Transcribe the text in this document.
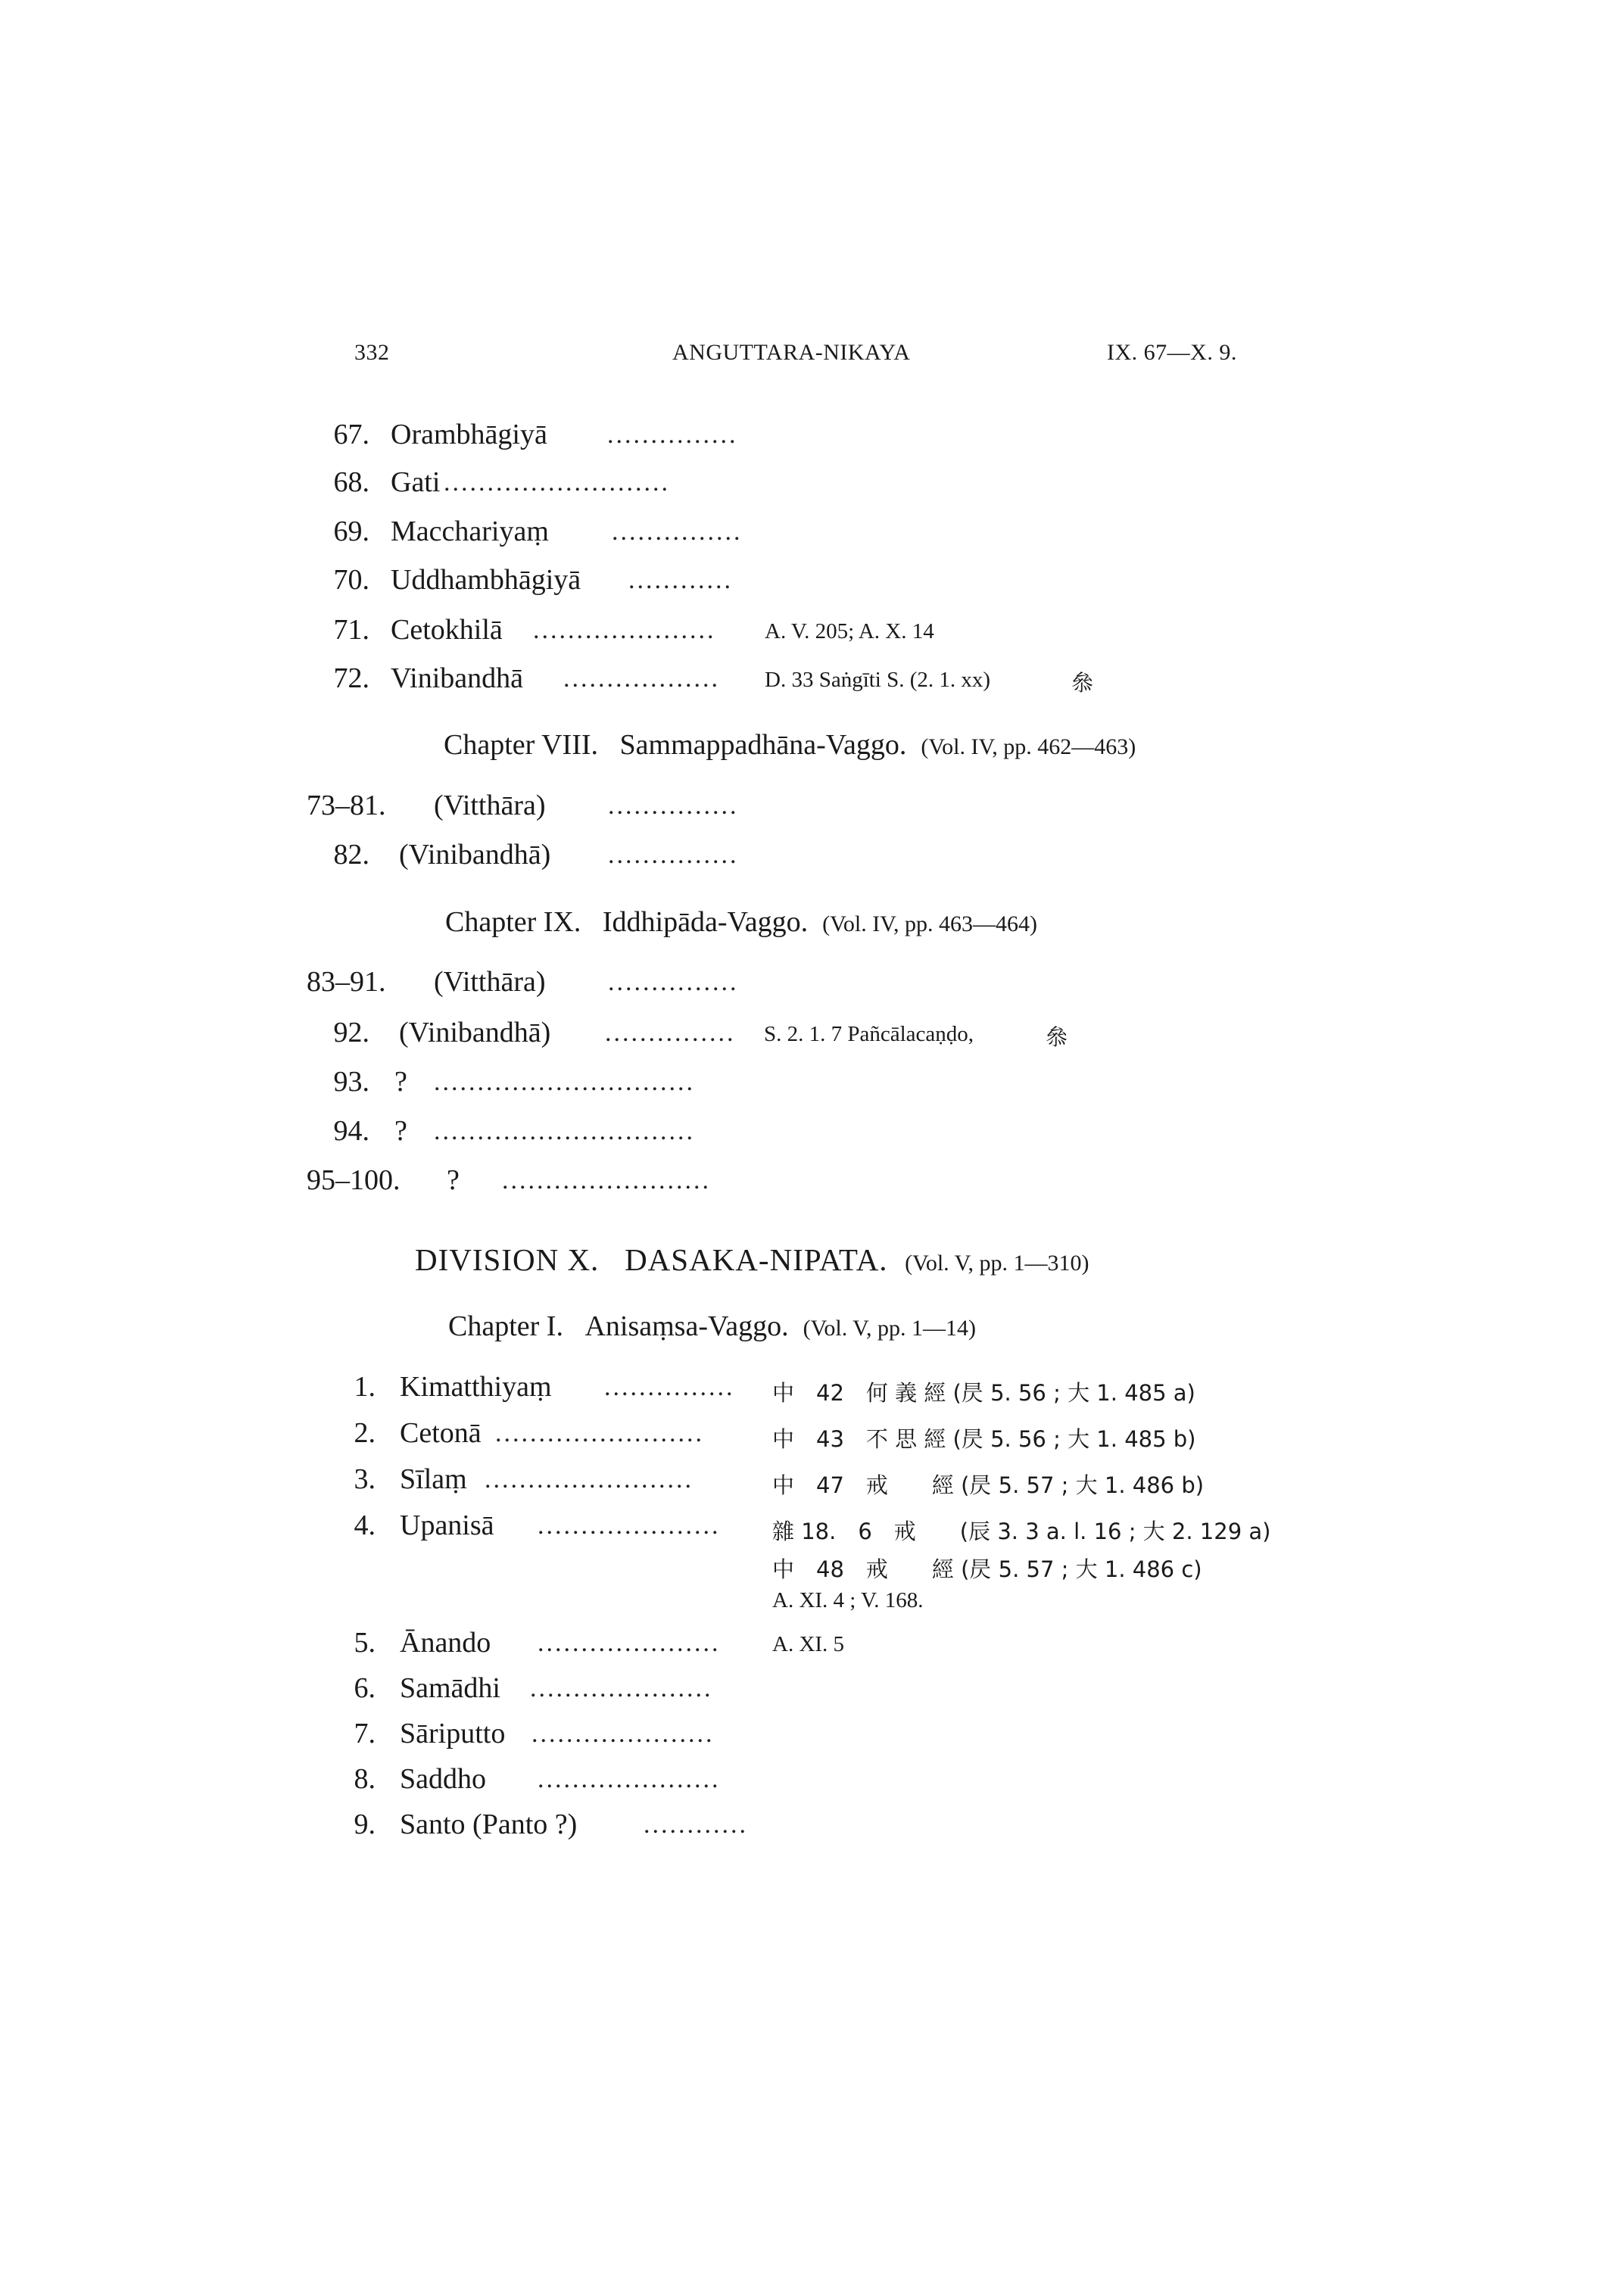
332	ANGUTTARA-NIKAYA	IX. 67—X. 9.
67. Orambhāgiyā ...............
68. Gati ..........................
69. Macchariyaṃ ...............
70. Uddhambhāgiyā ............
71. Cetokhilā ..................... A. V. 205; A. X. 14
72. Vinibandhā .................. D. 33 Saṅgīti S. (2. 1. xx)	叅
Chapter VIII. Sammappadhāna-Vaggo. (Vol. IV, pp. 462—463)
73–81.	(Vitthāra) ...............
82. (Vinibandhā) ...............
Chapter IX. Iddhipāda-Vaggo. (Vol. IV, pp. 463—464)
83–91.	(Vitthāra) ...............
92. (Vinibandhā) ............... S. 2. 1. 7 Pañcālacaṇḍo,	叅
93. ? ..............................
94. ? ..............................
95–100.	? ........................
DIVISION X. DASAKA-NIPATA. (Vol. V, pp. 1—310)
Chapter I. Anisaṃsa-Vaggo. (Vol. V, pp. 1—14)
1. Kimatthiyaṃ ............... 中　42　何 義 經 (昃 5. 56 ; 大 1. 485 a)
2. Cetonā ........................	中　43　不 思 經 (昃 5. 56 ; 大 1. 485 b)
3. Sīlaṃ ........................	中　47　戒　　經 (昃 5. 57 ; 大 1. 486 b)
4. Upanisā ..................... 雜 18.　6　戒　　(辰 3. 3 a. l. 16 ; 大 2. 129 a)
中　48　戒　　經 (昃 5. 57 ; 大 1. 486 c)
A. XI. 4 ; V. 168.
5. Ānando ..................... A. XI. 5
6. Samādhi .....................
7. Sāriputto .....................
8. Saddho .....................
9. Santo (Panto ?)	............
